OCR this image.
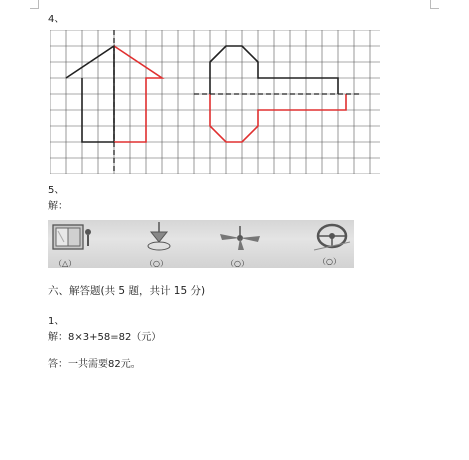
4、
5、
解：
（△）	（○）	（○）	（○）
六、解答题(共 5 题，共计 15 分)
1、
解：8×3+58=82（元）
答：一共需要82元。
